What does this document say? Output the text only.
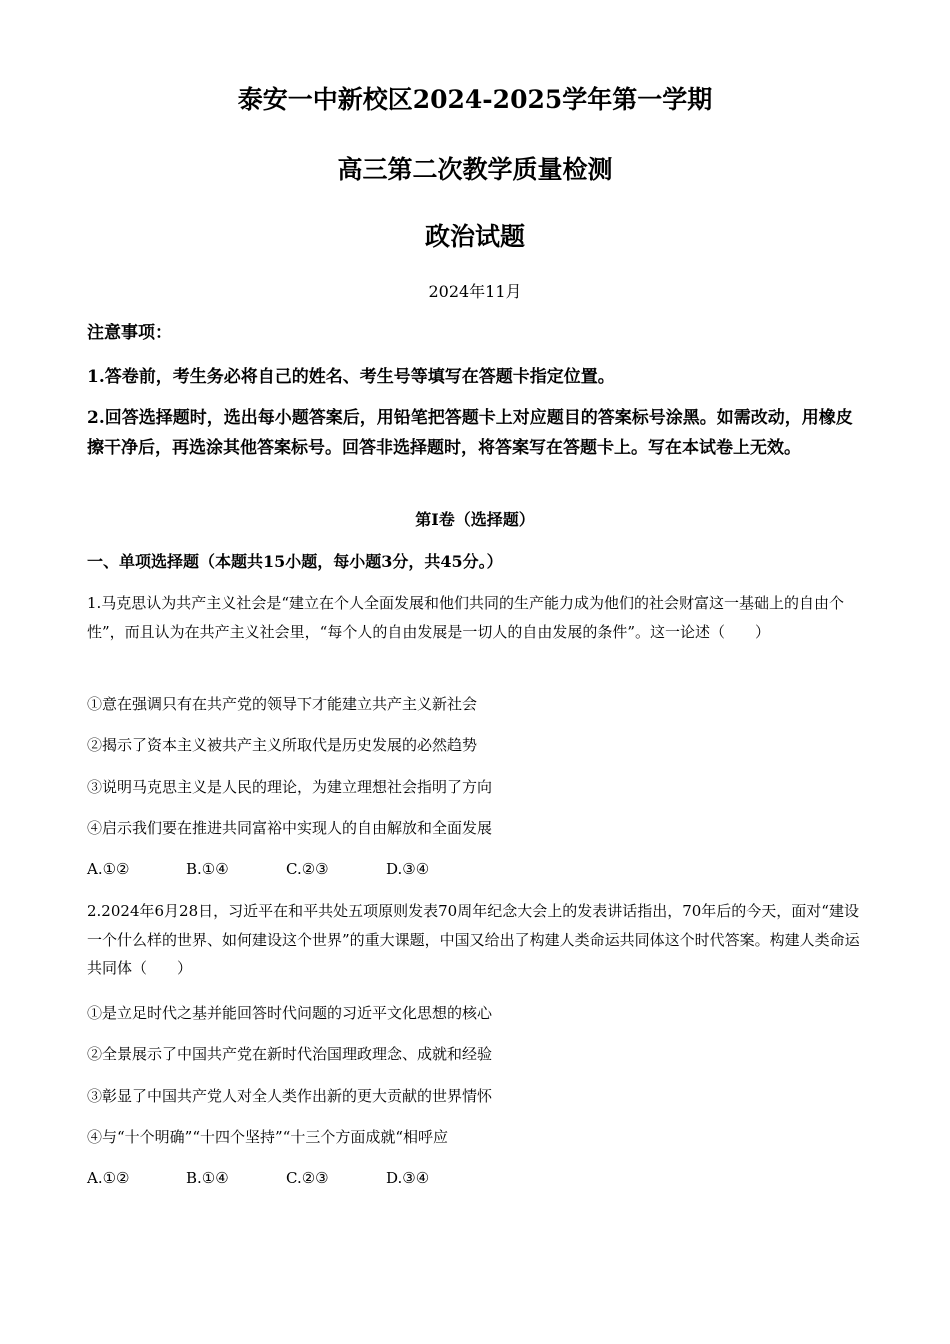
泰安一中新校区2024-2025学年第一学期
高三第二次教学质量检测
政治试题
2024年11月
注意事项：
1.答卷前，考生务必将自己的姓名、考生号等填写在答题卡指定位置。
2.回答选择题时，选出每小题答案后，用铅笔把答题卡上对应题目的答案标号涂黑。如需改动，用橡皮擦干净后，再选涂其他答案标号。回答非选择题时，将答案写在答题卡上。写在本试卷上无效。
第Ⅰ卷（选择题）
一、单项选择题（本题共15小题，每小题3分，共45分。）
1.马克思认为共产主义社会是“建立在个人全面发展和他们共同的生产能力成为他们的社会财富这一基础上的自由个性”，而且认为在共产主义社会里，“每个人的自由发展是一切人的自由发展的条件”。这一论述（　　）
①意在强调只有在共产党的领导下才能建立共产主义新社会
②揭示了资本主义被共产主义所取代是历史发展的必然趋势
③说明马克思主义是人民的理论，为建立理想社会指明了方向
④启示我们要在推进共同富裕中实现人的自由解放和全面发展
A.①②	B.①④	C.②③	D.③④
2.2024年6月28日，习近平在和平共处五项原则发表70周年纪念大会上的发表讲话指出，70年后的今天，面对“建设一个什么样的世界、如何建设这个世界”的重大课题，中国又给出了构建人类命运共同体这个时代答案。构建人类命运共同体（　　）
①是立足时代之基并能回答时代问题的习近平文化思想的核心
②全景展示了中国共产党在新时代治国理政理念、成就和经验
③彰显了中国共产党人对全人类作出新的更大贡献的世界情怀
④与“十个明确”“十四个坚持”“十三个方面成就“相呼应
A.①②	B.①④	C.②③	D.③④
